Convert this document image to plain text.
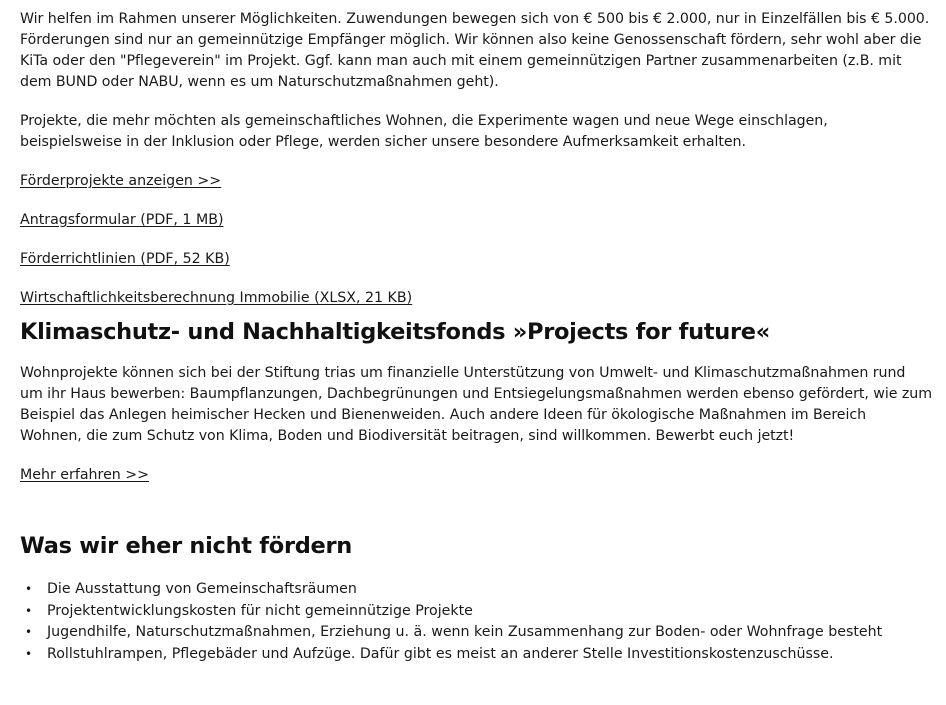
Wir helfen im Rahmen unserer Möglichkeiten. Zuwendungen bewegen sich von € 500 bis € 2.000, nur in Einzelfällen bis € 5.000. Förderungen sind nur an gemeinnützige Empfänger möglich. Wir können also keine Genossenschaft fördern, sehr wohl aber die KiTa oder den "Pflegeverein" im Projekt. Ggf. kann man auch mit einem gemeinnützigen Partner zusammenarbeiten (z.B. mit dem BUND oder NABU, wenn es um Naturschutzmaßnahmen geht).

Projekte, die mehr möchten als gemeinschaftliches Wohnen, die Experimente wagen und neue Wege einschlagen, beispielsweise in der Inklusion oder Pflege, werden sicher unsere besondere Aufmerksamkeit erhalten.

Förderprojekte anzeigen >>
Antragsformular (PDF, 1 MB)
Förderrichtlinien (PDF, 52 KB)
Wirtschaftlichkeitsberechnung Immobilie (XLSX, 21 KB)
Klimaschutz- und Nachhaltigkeitsfonds »Projects for future«

Wohnprojekte können sich bei der Stiftung trias um finanzielle Unterstützung von Umwelt- und Klimaschutzmaßnahmen rund um ihr Haus bewerben: Baumpflanzungen, Dachbegrünungen und Entsiegelungsmaßnahmen werden ebenso gefördert, wie zum Beispiel das Anlegen heimischer Hecken und Bienenweiden. Auch andere Ideen für ökologische Maßnahmen im Bereich Wohnen, die zum Schutz von Klima, Boden und Biodiversität beitragen, sind willkommen. Bewerbt euch jetzt!

Mehr erfahren >>
Was wir eher nicht fördern
• Die Ausstattung von Gemeinschaftsräumen
• Projektentwicklungskosten für nicht gemeinnützige Projekte
• Jugendhilfe, Naturschutzmaßnahmen, Erziehung u. ä. wenn kein Zusammenhang zur Boden- oder Wohnfrage besteht
• Rollstuhlrampen, Pflegebäder und Aufzüge. Dafür gibt es meist an anderer Stelle Investitionskostenzuschüsse.
